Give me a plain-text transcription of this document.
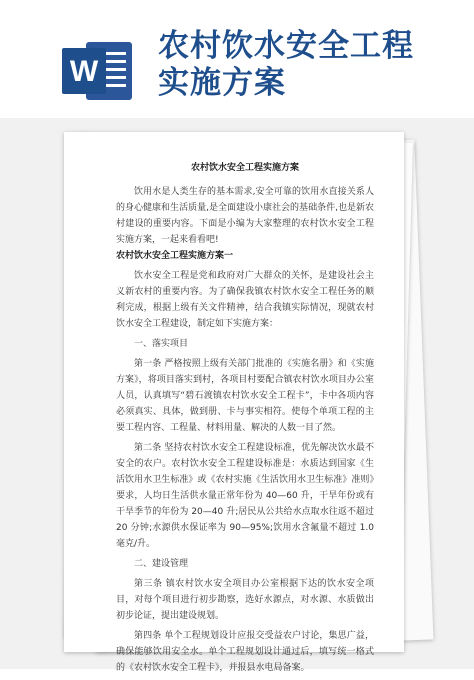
W
农村饮水安全工程
实施方案
农村饮水安全工程实施方案
饮用水是人类生存的基本需求,安全可靠的饮用水直接关系人的身心健康和生活质量,是全面建设小康社会的基础条件,也是新农村建设的重要内容。下面是小编为大家整理的农村饮水安全工程实施方案，一起来看看吧!
农村饮水安全工程实施方案一
饮水安全工程是党和政府对广大群众的关怀，是建设社会主义新农村的重要内容。为了确保我镇农村饮水安全工程任务的顺利完成，根据上级有关文件精神，结合我镇实际情况，现就农村饮水安全工程建设，制定如下实施方案：
一、落实项目
第一条 严格按照上级有关部门批准的《实施名册》和《实施方案》，将项目落实到村，各项目村要配合镇农村饮水项目办公室人员，认真填写“碧石渡镇农村饮水安全工程卡”，卡中各项内容必须真实、具体，做到册、卡与事实相符。使每个单项工程的主要工程内容、工程量、材料用量、解决的人数一目了然。
第二条 坚持农村饮水安全工程建设标准，优先解决饮水最不安全的农户。农村饮水安全工程建设标准是：水质达到国家《生活饮用水卫生标准》或《农村实施《生活饮用水卫生标准》准则》要求，人均日生活供水量正常年份为 40—60 升，干旱年份或有干旱季节的年份为 20—40 升;居民从公共给水点取水往返不超过 20 分钟;水源供水保证率为 90—95%;饮用水含氟量不超过 1.0 毫克/升。
二、建设管理
第三条 镇农村饮水安全项目办公室根据下达的饮水安全项目，对每个项目进行初步勘察，选好水源点，对水源、水质做出初步论证，提出建设规划。
第四条 单个工程规划设计应报交受益农户讨论，集思广益，确保能够饮用安全水。单个工程规划设计通过后，填写统一格式的《农村饮水安全工程卡》，并报县水电局备案。
